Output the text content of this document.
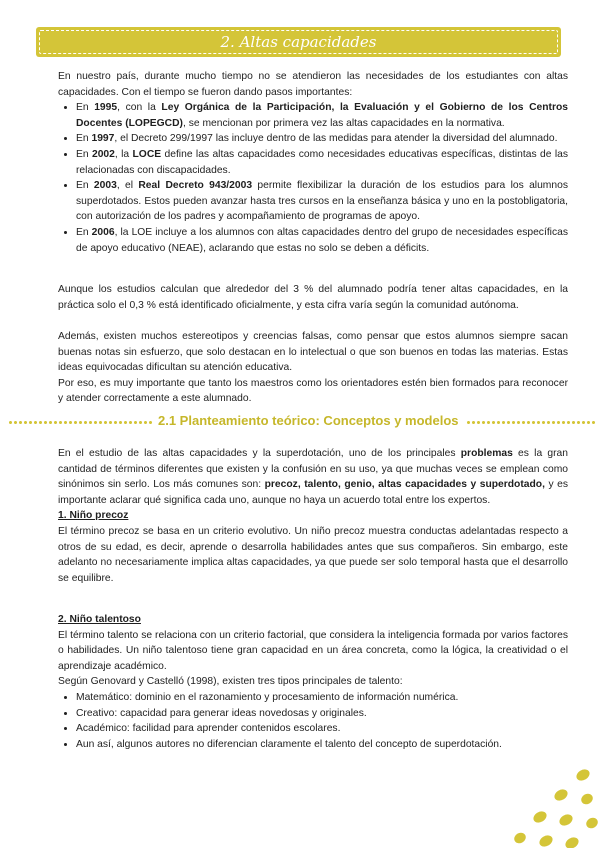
2. Altas capacidades

En nuestro país, durante mucho tiempo no se atendieron las necesidades de los estudiantes con altas capacidades. Con el tiempo se fueron dando pasos importantes:

• En 1995, con la Ley Orgánica de la Participación, la Evaluación y el Gobierno de los Centros Docentes (LOPEGCD), se mencionan por primera vez las altas capacidades en la normativa.
• En 1997, el Decreto 299/1997 las incluye dentro de las medidas para atender la diversidad del alumnado.
• En 2002, la LOCE define las altas capacidades como necesidades educativas específicas, distintas de las relacionadas con discapacidades.
• En 2003, el Real Decreto 943/2003 permite flexibilizar la duración de los estudios para los alumnos superdotados. Estos pueden avanzar hasta tres cursos en la enseñanza básica y uno en la postobligatoria, con autorización de los padres y acompañamiento de programas de apoyo.
• En 2006, la LOE incluye a los alumnos con altas capacidades dentro del grupo de necesidades específicas de apoyo educativo (NEAE), aclarando que estas no solo se deben a déficits.

Aunque los estudios calculan que alrededor del 3 % del alumnado podría tener altas capacidades, en la práctica solo el 0,3 % está identificado oficialmente, y esta cifra varía según la comunidad autónoma.

Además, existen muchos estereotipos y creencias falsas, como pensar que estos alumnos siempre sacan buenas notas sin esfuerzo, que solo destacan en lo intelectual o que son buenos en todas las materias. Estas ideas equivocadas dificultan su atención educativa.

Por eso, es muy importante que tanto los maestros como los orientadores estén bien formados para reconocer y atender correctamente a este alumnado.

2.1 Planteamiento teórico: Conceptos y modelos

En el estudio de las altas capacidades y la superdotación, uno de los principales problemas es la gran cantidad de términos diferentes que existen y la confusión en su uso, ya que muchas veces se emplean como sinónimos sin serlo. Los más comunes son: precoz, talento, genio, altas capacidades y superdotado, y es importante aclarar qué significa cada uno, aunque no haya un acuerdo total entre los expertos.

1. Niño precoz

El término precoz se basa en un criterio evolutivo. Un niño precoz muestra conductas adelantadas respecto a otros de su edad, es decir, aprende o desarrolla habilidades antes que sus compañeros. Sin embargo, este adelanto no necesariamente implica altas capacidades, ya que puede ser solo temporal hasta que el desarrollo se equilibre.

2. Niño talentoso

El término talento se relaciona con un criterio factorial, que considera la inteligencia formada por varios factores o habilidades. Un niño talentoso tiene gran capacidad en un área concreta, como la lógica, la creatividad o el aprendizaje académico.

Según Genovard y Castelló (1998), existen tres tipos principales de talento:

• Matemático: dominio en el razonamiento y procesamiento de información numérica.
• Creativo: capacidad para generar ideas novedosas y originales.
• Académico: facilidad para aprender contenidos escolares.
• Aun así, algunos autores no diferencian claramente el talento del concepto de superdotación.
